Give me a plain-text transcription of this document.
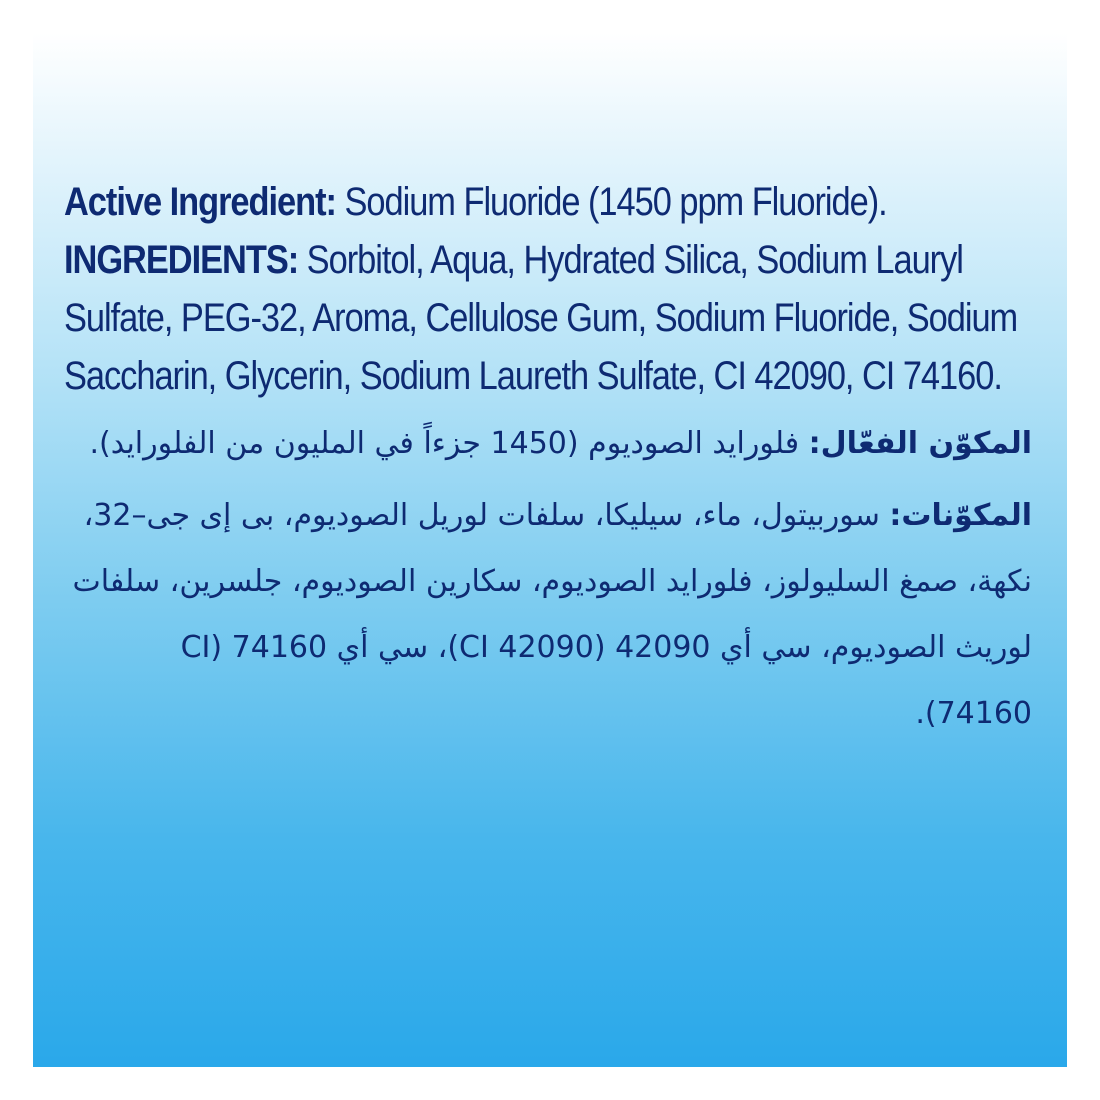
Active Ingredient: Sodium Fluoride (1450 ppm Fluoride).
INGREDIENTS: Sorbitol, Aqua, Hydrated Silica, Sodium Lauryl Sulfate, PEG-32, Aroma, Cellulose Gum, Sodium Fluoride, Sodium Saccharin, Glycerin, Sodium Laureth Sulfate, CI 42090, CI 74160.
المكوّن الفعّال: فلورايد الصوديوم (1450 جزءاً في المليون من الفلورايد).
المكوّنات: سوربيتول، ماء، سيليكا، سلفات لوريل الصوديوم، بى إى جى–32، نكهة، صمغ السليولوز، فلورايد الصوديوم، سكارين الصوديوم، جلسرين، سلفات لوريث الصوديوم، سي أي 42090 (CI 42090)، سي أي 74160 (CI 74160).
